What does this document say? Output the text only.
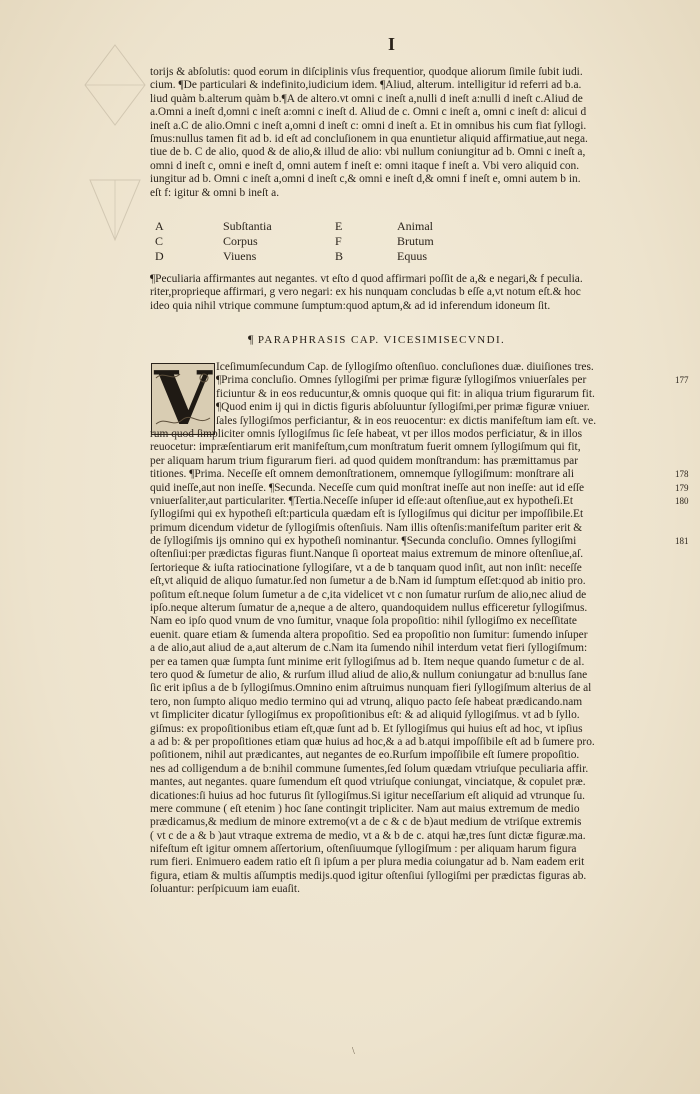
I
torijs & abſolutis: quod eorum in diſciplinis vſus frequentior, quodque aliorum ſimile ſubit iudi.
cium. ¶De particulari & indefinito,iudicium idem. ¶Aliud, alterum. intelligitur id referri ad b.a.
liud quàm b.alterum quàm b.¶A de altero.vt omni c ineſt a,nulli d ineſt a:nulli d ineſt c.Aliud de
a.Omni a ineſt d,omni c ineſt a:omni c ineſt d. Aliud de c. Omni c ineſt a, omni c ineſt d: alicui d
ineſt a.C de alio.Omni c ineſt a,omni d ineſt c: omni d ineſt a. Et in omnibus his cum fiat ſyllogi.
ſmus:nullus tamen fit ad b. id eſt ad concluſionem in qua enuntietur aliquid affirmatiue,aut nega.
tiue de b. C de alio, quod & de alio,& illud de alio: vbi nullum coniungitur ad b. Omni c ineſt a,
omni d ineſt c, omni e ineſt d, omni autem f ineſt e: omni itaque f ineſt a. Vbi vero aliquid con.
iungitur ad b. Omni c ineſt a,omni d ineſt c,& omni e ineſt d,& omni f ineſt e, omni autem b in.
eſt f: igitur & omni b ineſt a.
A	Subſtantia	E	Animal
C	Corpus	F	Brutum
D	Viuens	B	Equus
¶Peculiaria affirmantes aut negantes. vt eſto d quod affirmari poſſit de a,& e negari,& f peculia.
riter,proprieque affirmari, g vero negari: ex his nunquam concludas b eſſe a,vt notum eſt.& hoc
ideo quia nihil vtrique commune ſumptum:quod aptum,& ad id inferendum idoneum ſit.
¶ PARAPHRASIS CAP. VICESIMISECVNDI.
V Iceſimumſecundum Cap. de ſyllogiſmo oſtenſiuo. concluſiones duæ. diuiſiones tres.
¶Prima concluſio. Omnes ſyllogiſmi per primæ figuræ ſyllogiſmos vniuerſales per
ficiuntur & in eos reducuntur,& omnis quoque qui fit: in aliqua trium figurarum fit.
¶Quod enim ij qui in dictis figuris abſoluuntur ſyllogiſmi,per primæ figuræ vniuer.
ſales ſyllogiſmos perficiantur, & in eos reuocentur: ex dictis manifeſtum iam eſt. ve.
rum quod ſimpliciter omnis ſyllogiſmus ſic ſeſe habeat, vt per illos modos perficiatur, & in illos
reuocetur: impræſentiarum erit manifeſtum,cum monſtratum fuerit omnem ſyllogiſmum qui fit,
per aliquam harum trium figurarum fieri. ad quod quidem monſtrandum: has præmittamus par
titiones. ¶Prima. Neceſſe eſt omnem demonſtrationem, omnemque ſyllogiſmum: monſtrare ali
quid ineſſe,aut non ineſſe. ¶Secunda. Neceſſe cum quid monſtrat ineſſe aut non ineſſe: aut id eſſe
vniuerſaliter,aut particulariter. ¶Tertia.Neceſſe inſuper id eſſe:aut oſtenſiue,aut ex hypotheſi.Et
ſyllogiſmi qui ex hypotheſi eſt:particula quædam eſt is ſyllogiſmus qui dicitur per impoſſibile.Et
primum dicendum videtur de ſyllogiſmis oſtenſiuis. Nam illis oſtenſis:manifeſtum pariter erit &
de ſyllogiſmis ijs omnino qui ex hypotheſi nominantur. ¶Secunda concluſio. Omnes ſyllogiſmi
oſtenſiui:per prædictas figuras fiunt.Nanque ſi oporteat maius extremum de minore oſtenſiue,aſ.
ſertorieque & iuſta ratiocinatione ſyllogiſare, vt a de b tanquam quod inſit, aut non inſit: neceſſe
eſt,vt aliquid de aliquo ſumatur.ſed non ſumetur a de b.Nam id ſumptum eſſet:quod ab initio pro.
poſitum eſt.neque ſolum ſumetur a de c,ita videlicet vt c non ſumatur rurſum de alio,nec aliud de
ipſo.neque alterum ſumatur de a,neque a de altero, quandoquidem nullus efficeretur ſyllogiſmus.
Nam eo ipſo quod vnum de vno ſumitur, vnaque ſola propoſitio: nihil ſyllogiſmo ex neceſſitate
euenit. quare etiam & ſumenda altera propoſitio. Sed ea propoſitio non ſumitur: ſumendo inſuper
a de alio,aut aliud de a,aut alterum de c.Nam ita ſumendo nihil interdum vetat fieri ſyllogiſmum:
per ea tamen quæ ſumpta ſunt minime erit ſyllogiſmus ad b. Item neque quando ſumetur c de al.
tero quod & ſumetur de alio, & rurſum illud aliud de alio,& nullum coniungatur ad b:nullus ſane
ſic erit ipſius a de b ſyllogiſmus.Omnino enim aſtruimus nunquam fieri ſyllogiſmum alterius de al
tero, non ſumpto aliquo medio termino qui ad vtrunq, aliquo pacto ſeſe habeat prædicando.nam
vt ſimpliciter dicatur ſyllogiſmus ex propoſitionibus eſt: & ad aliquid ſyllogiſmus. vt ad b ſyllo.
giſmus: ex propoſitionibus etiam eſt,quæ ſunt ad b. Et ſyllogiſmus qui huius eſt ad hoc, vt ipſius
a ad b: & per propoſitiones etiam quæ huius ad hoc,& a ad b.atqui impoſſibile eſt ad b ſumere pro.
poſitionem, nihil aut prædicantes, aut negantes de eo.Rurſum impoſſibile eſt ſumere propoſitio.
nes ad colligendum a de b:nihil commune ſumentes,ſed ſolum quædam vtriuſque peculiaria affir.
mantes, aut negantes. quare ſumendum eſt quod vtriuſque coniungat, vinciatque, & copulet præ.
dicationes:ſi huius ad hoc futurus ſit ſyllogiſmus.Si igitur neceſſarium eſt aliquid ad vtrunque ſu.
mere commune ( eſt etenim ) hoc ſane contingit tripliciter. Nam aut maius extremum de medio
prædicamus,& medium de minore extremo(vt a de c & c de b)aut medium de vtriſque extremis
( vt c de a & b )aut vtraque extrema de medio, vt a & b de c. atqui hæ,tres ſunt dictæ figuræ.ma.
nifeſtum eſt igitur omnem aſſertorium, oſtenſiuumque ſyllogiſmum : per aliquam harum figura
rum fieri. Enimuero eadem ratio eſt ſi ipſum a per plura media coiungatur ad b. Nam eadem erit
figura, etiam & multis aſſumptis medijs.quod igitur oſtenſiui ſyllogiſmi per prædictas figuras ab.
ſoluantur: perſpicuum iam euaſit.
177
178
179
180
181
\
